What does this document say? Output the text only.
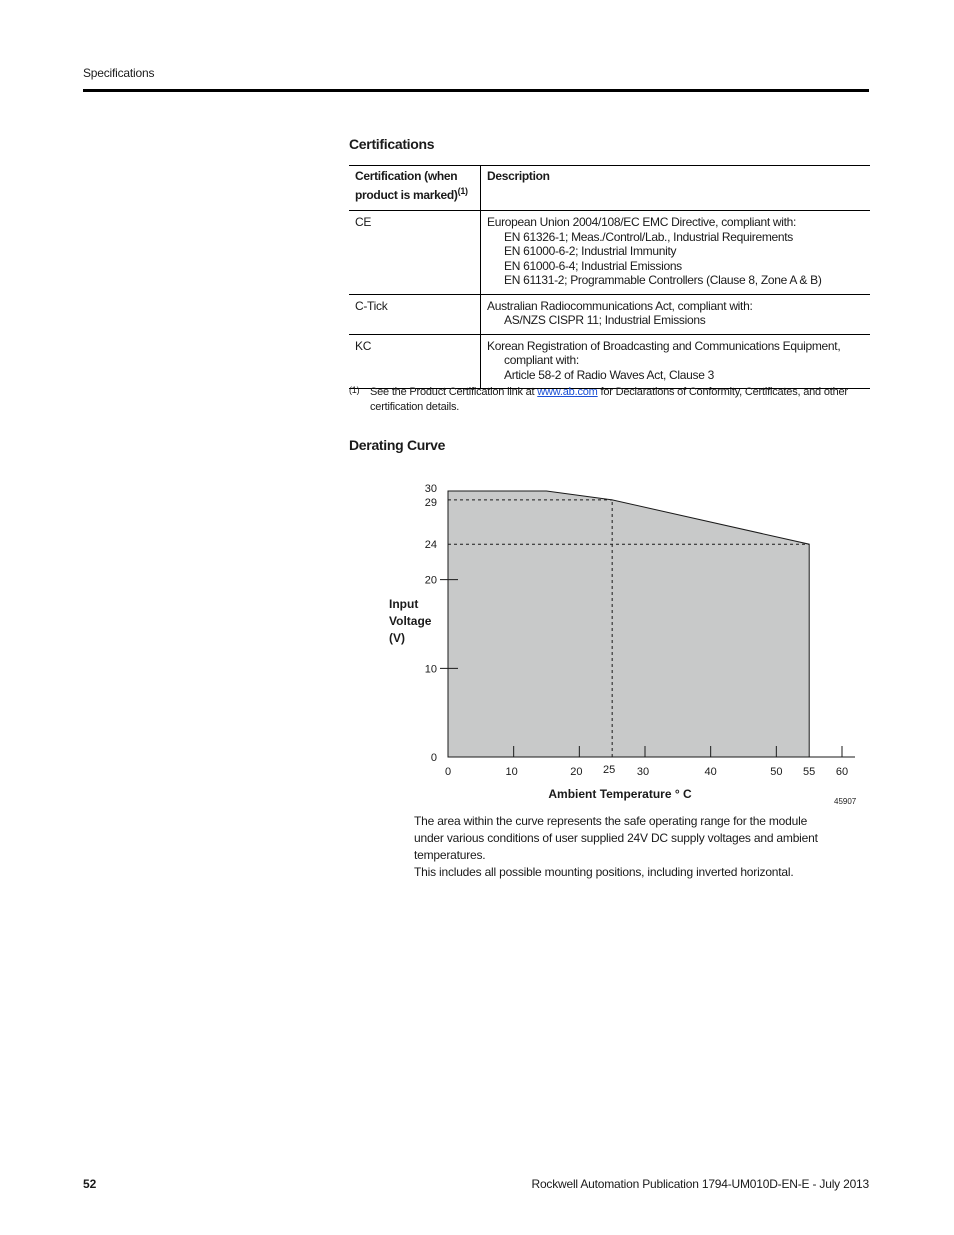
Specifications
Certifications
Certification (when product is marked)$^{(1)}$	Description
CE	European Union 2004/108/EC EMC Directive, compliant with:
EN 61326-1; Meas./Control/Lab., Industrial Requirements
EN 61000-6-2; Industrial Immunity
EN 61000-6-4; Industrial Emissions
EN 61131-2; Programmable Controllers (Clause 8, Zone A & B)

C-Tick	Australian Radiocommunications Act, compliant with:
AS/NZS CISPR 11; Industrial Emissions

KC	Korean Registration of Broadcasting and Communications Equipment,
compliant with:
Article 58-2 of Radio Waves Act, Clause 3
(1) See the Product Certification link at www.ab.com for Declarations of Conformity, Certificates, and other certification details.
Derating Curve
0
10
20
24
29
30
0	10	20 25 30	40	50 55 60
Input
Voltage
(V)
Ambient Temperature ° C
45907

The area within the curve represents the safe operating range for the module under various conditions of user supplied 24V DC supply voltages and ambient temperatures.

This includes all possible mounting positions, including inverted horizontal.

52	Rockwell Automation Publication 1794-UM010D-EN-E - July 2013
